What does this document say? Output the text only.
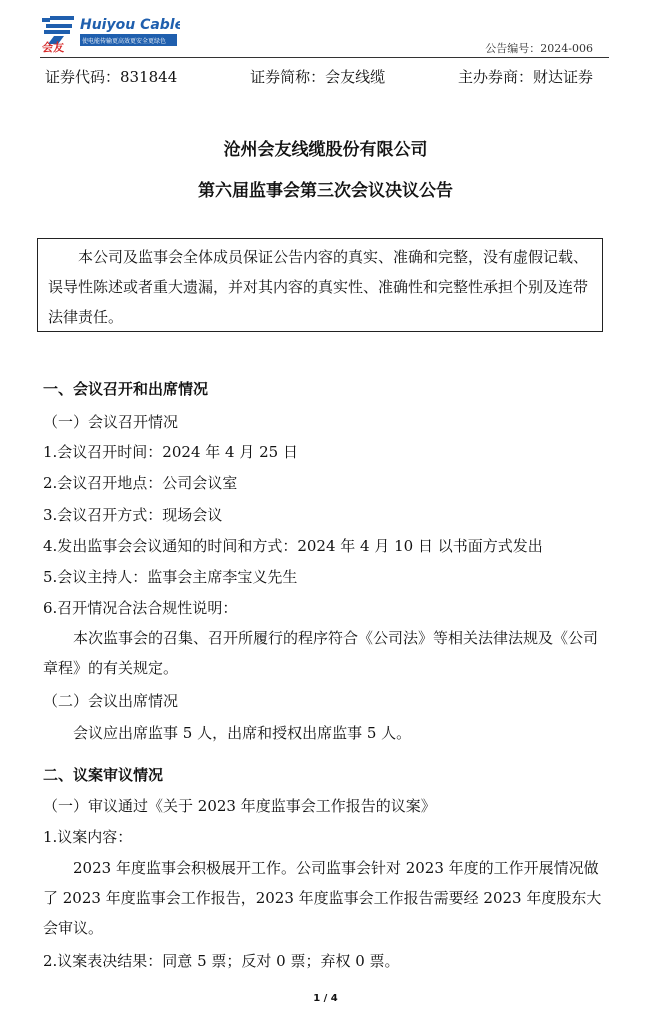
会友
Huiyou Cable
使电能传输更高效更安全更绿色
公告编号：2024-006
证券代码：831844	证券简称：会友线缆	主办券商：财达证券
沧州会友线缆股份有限公司
第六届监事会第三次会议决议公告
本公司及监事会全体成员保证公告内容的真实、准确和完整，没有虚假记载、误导性陈述或者重大遗漏，并对其内容的真实性、准确性和完整性承担个别及连带法律责任。
一、会议召开和出席情况
（一）会议召开情况
1.会议召开时间：2024 年 4 月 25 日
2.会议召开地点：公司会议室
3.会议召开方式：现场会议
4.发出监事会会议通知的时间和方式：2024 年 4 月 10 日 以书面方式发出
5.会议主持人：监事会主席李宝义先生
6.召开情况合法合规性说明：
本次监事会的召集、召开所履行的程序符合《公司法》等相关法律法规及《公司章程》的有关规定。
（二）会议出席情况
会议应出席监事 5 人，出席和授权出席监事 5 人。
二、议案审议情况
（一）审议通过《关于 2023 年度监事会工作报告的议案》
1.议案内容：
2023 年度监事会积极展开工作。公司监事会针对 2023 年度的工作开展情况做了 2023 年度监事会工作报告，2023 年度监事会工作报告需要经 2023 年度股东大会审议。
2.议案表决结果：同意 5 票；反对 0 票；弃权 0 票。
1 / 4
